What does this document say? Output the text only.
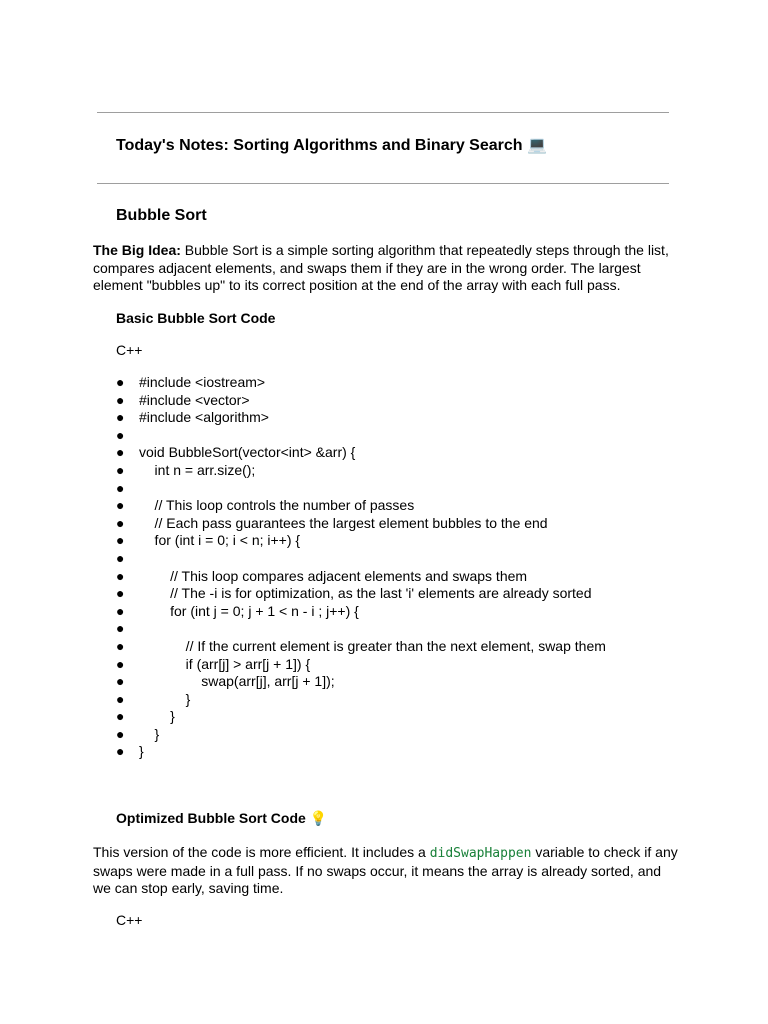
Today's Notes: Sorting Algorithms and Binary Search 💻
Bubble Sort

The Big Idea: Bubble Sort is a simple sorting algorithm that repeatedly steps through the list, compares adjacent elements, and swaps them if they are in the wrong order. The largest element "bubbles up" to its correct position at the end of the array with each full pass.

Basic Bubble Sort Code
C++
● #include <iostream>
● #include <vector>
● #include <algorithm>
●
● void BubbleSort(vector<int> &arr) {
● int n = arr.size();
●
● // This loop controls the number of passes
● // Each pass guarantees the largest element bubbles to the end
● for (int i = 0; i < n; i++) {
●
● // This loop compares adjacent elements and swaps them
● // The -i is for optimization, as the last 'i' elements are already sorted
● for (int j = 0; j + 1 < n - i ; j++) {
●
● // If the current element is greater than the next element, swap them
● if (arr[j] > arr[j + 1]) {
● swap(arr[j], arr[j + 1]);
● }
● }
● }
● }
Optimized Bubble Sort Code 💡

This version of the code is more efficient. It includes a didSwapHappen variable to check if any swaps were made in a full pass. If no swaps occur, it means the array is already sorted, and we can stop early, saving time.

C++
